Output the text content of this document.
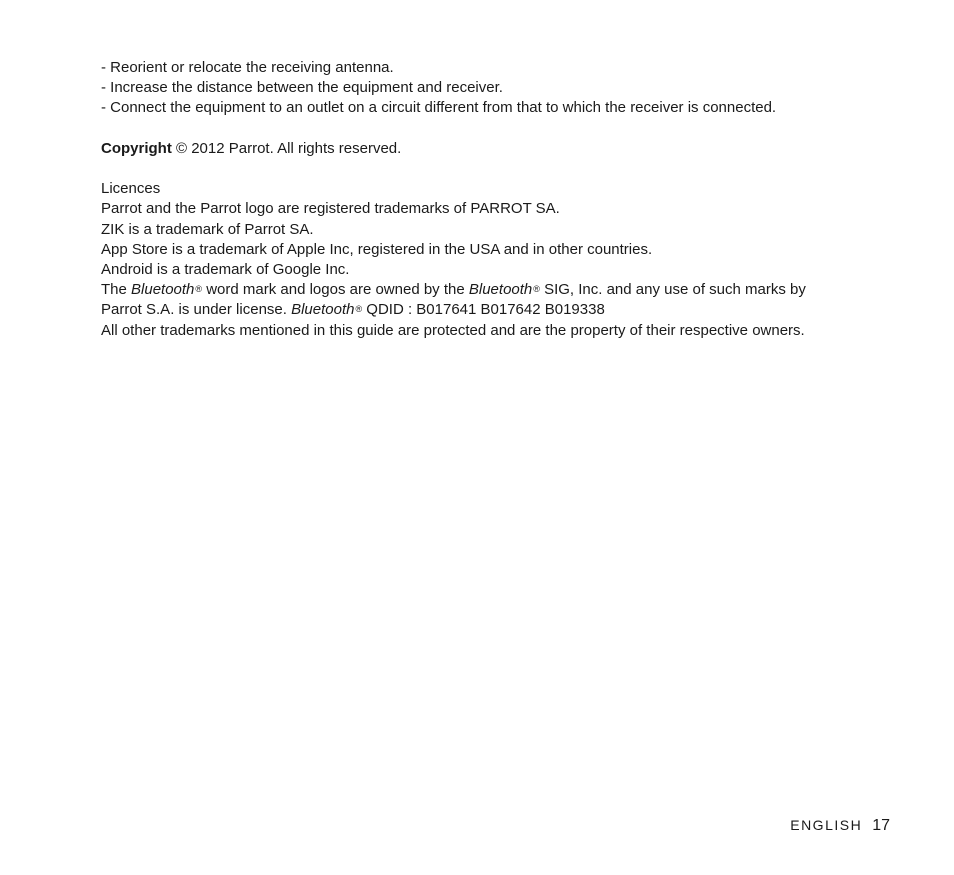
- Reorient or relocate the receiving antenna.
- Increase the distance between the equipment and receiver.
- Connect the equipment to an outlet on a circuit different from that to which the receiver is connected.
Copyright © 2012 Parrot. All rights reserved.
Licences
Parrot and the Parrot logo are registered trademarks of PARROT SA.
ZIK is a trademark of Parrot SA.
App Store is a trademark of Apple Inc, registered in the USA and in other countries.
Android is a trademark of Google Inc.
The Bluetooth® word mark and logos are owned by the Bluetooth® SIG, Inc. and any use of such marks by
Parrot S.A. is under license. Bluetooth® QDID : B017641 B017642 B019338
All other trademarks mentioned in this guide are protected and are the property of their respective owners.
ENGLISH 17
